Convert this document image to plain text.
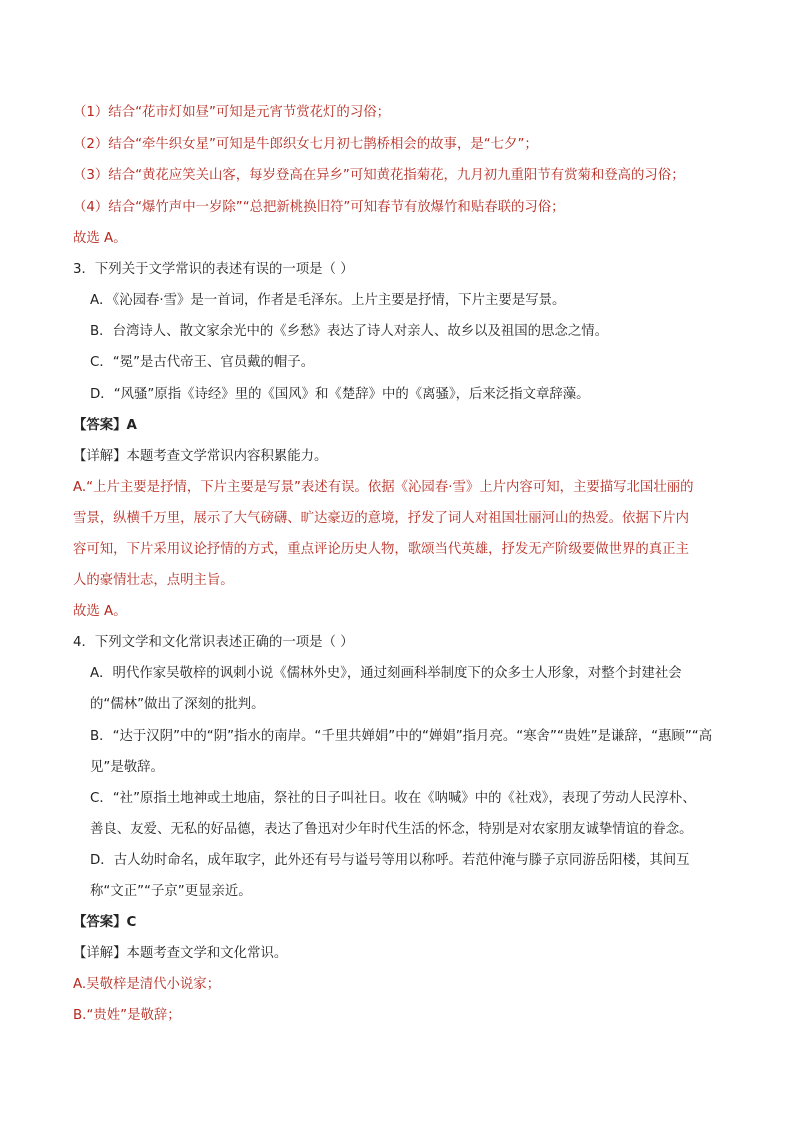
（1）结合“花市灯如昼”可知是元宵节赏花灯的习俗；
（2）结合“牵牛织女星”可知是牛郎织女七月初七鹊桥相会的故事，是“七夕”；
（3）结合“黄花应笑关山客，每岁登高在异乡”可知黄花指菊花，九月初九重阳节有赏菊和登高的习俗；
（4）结合“爆竹声中一岁除”“总把新桃换旧符”可知春节有放爆竹和贴春联的习俗；
故选 A。
3．下列关于文学常识的表述有误的一项是（ ）
A．《沁园春·雪》是一首词，作者是毛泽东。上片主要是抒情，下片主要是写景。
B．台湾诗人、散文家余光中的《乡愁》表达了诗人对亲人、故乡以及祖国的思念之情。
C．“冕”是古代帝王、官员戴的帽子。
D．“风骚”原指《诗经》里的《国风》和《楚辞》中的《离骚》，后来泛指文章辞藻。
【答案】A
【详解】本题考查文学常识内容积累能力。
A.“上片主要是抒情，下片主要是写景”表述有误。依据《沁园春·雪》上片内容可知，主要描写北国壮丽的
雪景，纵横千万里，展示了大气磅礴、旷达豪迈的意境，抒发了词人对祖国壮丽河山的热爱。依据下片内
容可知，下片采用议论抒情的方式，重点评论历史人物，歌颂当代英雄，抒发无产阶级要做世界的真正主
人的豪情壮志，点明主旨。
故选 A。
4．下列文学和文化常识表述正确的一项是（ ）
A．明代作家吴敬梓的讽刺小说《儒林外史》，通过刻画科举制度下的众多士人形象，对整个封建社会
的“儒林”做出了深刻的批判。
B．“达于汉阴”中的“阴”指水的南岸。“千里共婵娟”中的“婵娟”指月亮。“寒舍”“贵姓”是谦辞，“惠顾”“高
见”是敬辞。
C．“社”原指土地神或土地庙，祭社的日子叫社日。收在《呐喊》中的《社戏》，表现了劳动人民淳朴、
善良、友爱、无私的好品德，表达了鲁迅对少年时代生活的怀念，特别是对农家朋友诚挚情谊的眷念。
D．古人幼时命名，成年取字，此外还有号与谥号等用以称呼。若范仲淹与滕子京同游岳阳楼，其间互
称“文正”“子京”更显亲近。
【答案】C
【详解】本题考查文学和文化常识。
A.吴敬梓是清代小说家；
B.“贵姓”是敬辞；
